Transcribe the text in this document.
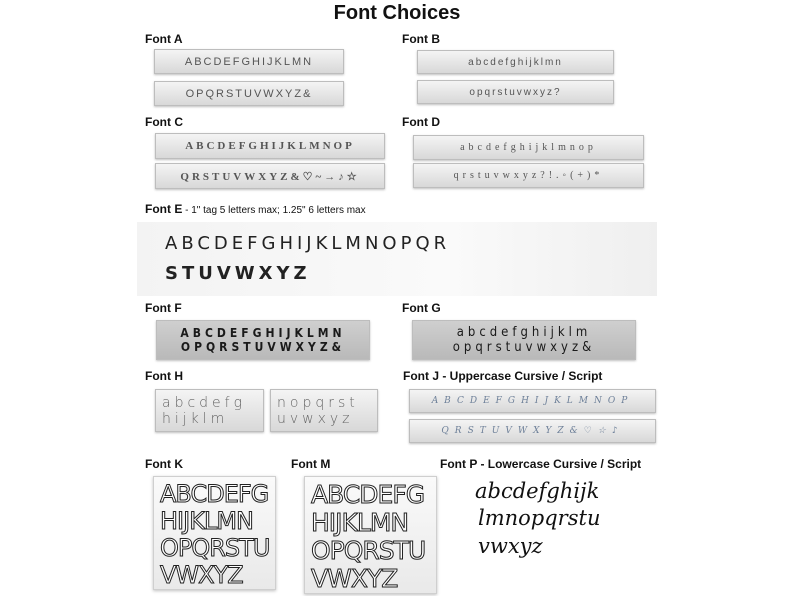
Font Choices
Font A
ABCDEFGHIJKLMN
OPQRSTUVWXYZ&
Font B
abcdefghijklmn
opqrstuvwxyz?
Font C
ABCDEFGHIJKLMNOP
QRSTUVWXYZ&♡~→♪☆
Font D
abcdefghijklmnop
qrstuvwxyz?!.◦(+)*
Font E - 1" tag 5 letters max; 1.25" 6 letters max
ABCDEFGHIJKLMNOPQR
STUVWXYZ
Font F
ABCDEFGHIJKLMN
OPQRSTUVWXYZ&
Font G
abcdefghijklm
opqrstuvwxyz&
Font H
abcdefg
hijklm
nopqrst
uvwxyz
Font J - Uppercase Cursive / Script
ABCDEFGHIJKLMNOP
QRSTUVWXYZ&♡☆♪
Font K
ABCDEFG
HIJKLMN
OPQRSTU
VWXYZ
Font M
ABCDEFG
HIJKLMN
OPQRSTU
VWXYZ
Font P - Lowercase Cursive / Script
abcdefghijk
lmnopqrstu
vwxyz
